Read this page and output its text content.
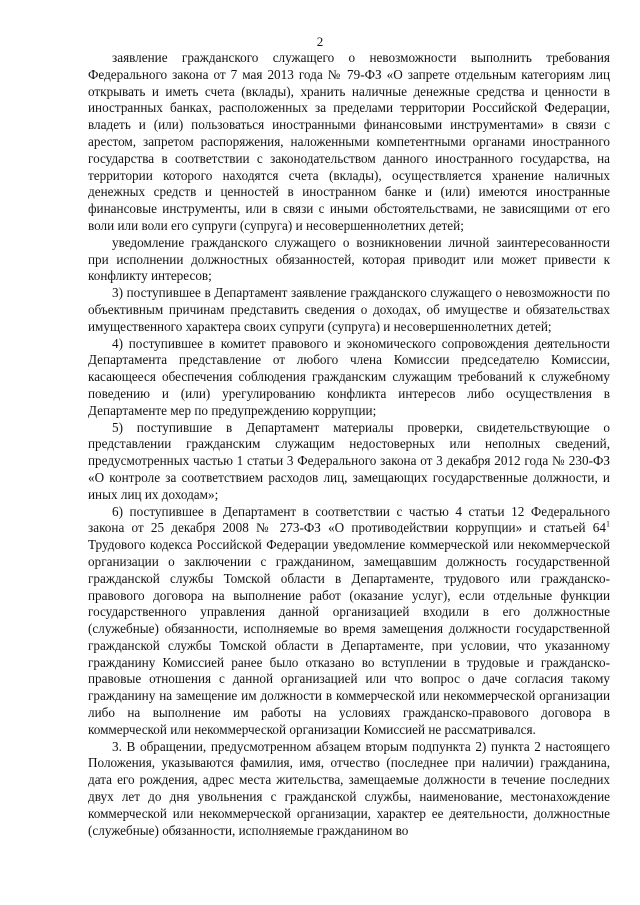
2

заявление гражданского служащего о невозможности выполнить требования Федерального закона от 7 мая 2013 года № 79-ФЗ «О запрете отдельным категориям лиц открывать и иметь счета (вклады), хранить наличные денежные средства и ценности в иностранных банках, расположенных за пределами территории Российской Федерации, владеть и (или) пользоваться иностранными финансовыми инструментами» в связи с арестом, запретом распоряжения, наложенными компетентными органами иностранного государства в соответствии с законодательством данного иностранного государства, на территории которого находятся счета (вклады), осуществляется хранение наличных денежных средств и ценностей в иностранном банке и (или) имеются иностранные финансовые инструменты, или в связи с иными обстоятельствами, не зависящими от его воли или воли его супруги (супруга) и несовершеннолетних детей;

уведомление гражданского служащего о возникновении личной заинтересованности при исполнении должностных обязанностей, которая приводит или может привести к конфликту интересов;

3) поступившее в Департамент заявление гражданского служащего о невозможности по объективным причинам представить сведения о доходах, об имуществе и обязательствах имущественного характера своих супруги (супруга) и несовершеннолетних детей;

4) поступившее в комитет правового и экономического сопровождения деятельности Департамента представление от любого члена Комиссии председателю Комиссии, касающееся обеспечения соблюдения гражданским служащим требований к служебному поведению и (или) урегулированию конфликта интересов либо осуществления в Департаменте мер по предупреждению коррупции;

5) поступившие в Департамент материалы проверки, свидетельствующие о представлении гражданским служащим недостоверных или неполных сведений, предусмотренных частью 1 статьи 3 Федерального закона от 3 декабря 2012 года № 230-ФЗ «О контроле за соответствием расходов лиц, замещающих государственные должности, и иных лиц их доходам»;

6) поступившее в Департамент в соответствии с частью 4 статьи 12 Федерального закона от 25 декабря 2008 № 273-ФЗ «О противодействии коррупции» и статьей $64^1$ Трудового кодекса Российской Федерации уведомление коммерческой или некоммерческой организации о заключении с гражданином, замещавшим должность государственной гражданской службы Томской области в Департаменте, трудового или гражданско-правового договора на выполнение работ (оказание услуг), если отдельные функции государственного управления данной организацией входили в его должностные (служебные) обязанности, исполняемые во время замещения должности государственной гражданской службы Томской области в Департаменте, при условии, что указанному гражданину Комиссией ранее было отказано во вступлении в трудовые и гражданско-правовые отношения с данной организацией или что вопрос о даче согласия такому гражданину на замещение им должности в коммерческой или некоммерческой организации либо на выполнение им работы на условиях гражданско-правового договора в коммерческой или некоммерческой организации Комиссией не рассматривался.

3. В обращении, предусмотренном абзацем вторым подпункта 2) пункта 2 настоящего Положения, указываются фамилия, имя, отчество (последнее при наличии) гражданина, дата его рождения, адрес места жительства, замещаемые должности в течение последних двух лет до дня увольнения с гражданской службы, наименование, местонахождение коммерческой или некоммерческой организации, характер ее деятельности, должностные (служебные) обязанности, исполняемые гражданином во
